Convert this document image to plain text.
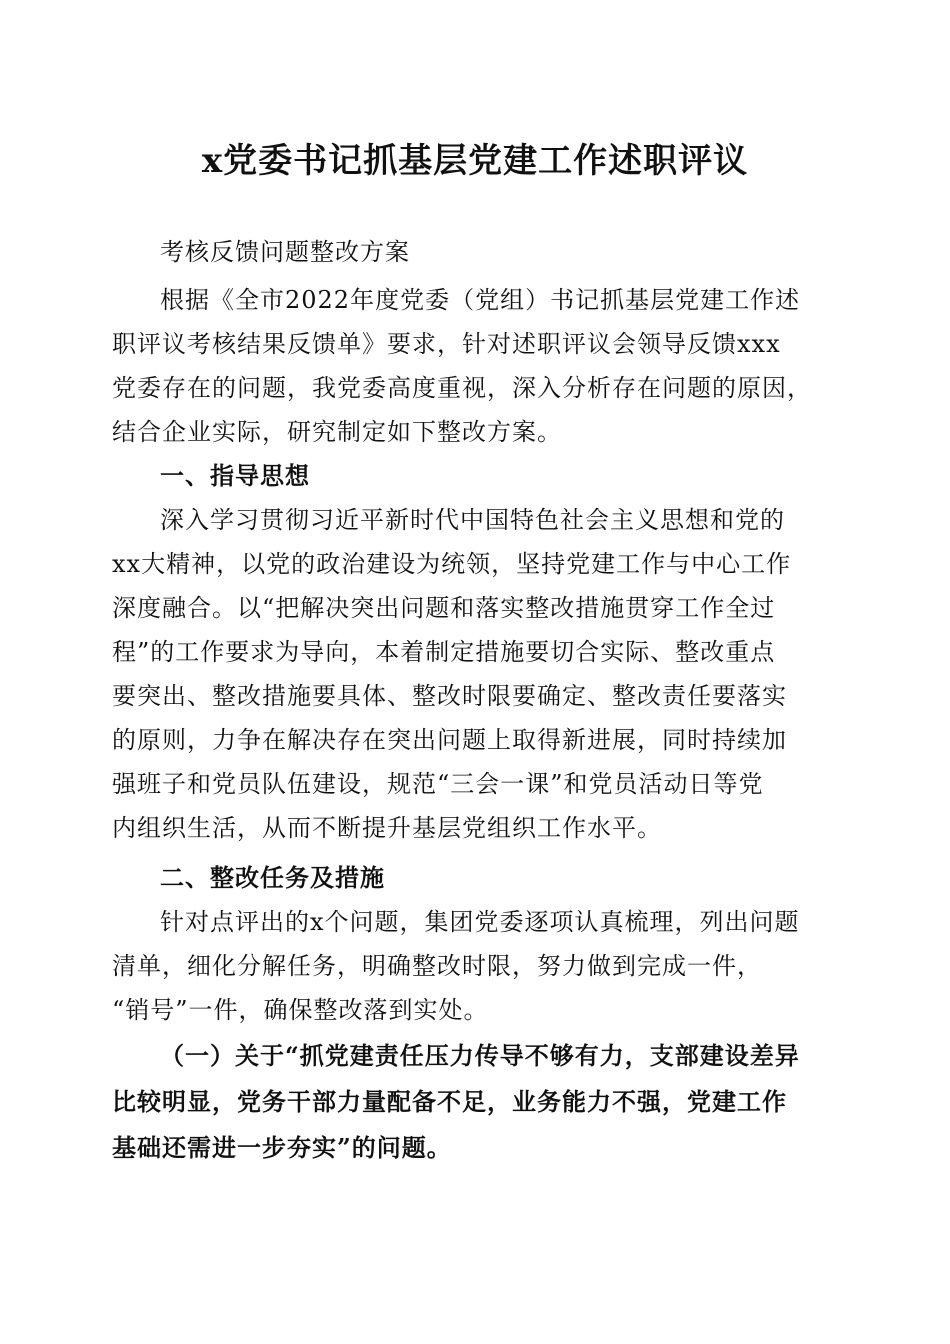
x党委书记抓基层党建工作述职评议
考核反馈问题整改方案
根据《全市2022年度党委（党组）书记抓基层党建工作述
职评议考核结果反馈单》要求，针对述职评议会领导反馈xxx
党委存在的问题，我党委高度重视，深入分析存在问题的原因，
结合企业实际，研究制定如下整改方案。
一、指导思想
深入学习贯彻习近平新时代中国特色社会主义思想和党的
xx大精神，以党的政治建设为统领，坚持党建工作与中心工作
深度融合。以“把解决突出问题和落实整改措施贯穿工作全过
程”的工作要求为导向，本着制定措施要切合实际、整改重点
要突出、整改措施要具体、整改时限要确定、整改责任要落实
的原则，力争在解决存在突出问题上取得新进展，同时持续加
强班子和党员队伍建设，规范“三会一课”和党员活动日等党
内组织生活，从而不断提升基层党组织工作水平。
二、整改任务及措施
针对点评出的x个问题，集团党委逐项认真梳理，列出问题
清单，细化分解任务，明确整改时限，努力做到完成一件，
“销号”一件，确保整改落到实处。
（一）关于“抓党建责任压力传导不够有力，支部建设差异
比较明显，党务干部力量配备不足，业务能力不强，党建工作
基础还需进一步夯实”的问题。
